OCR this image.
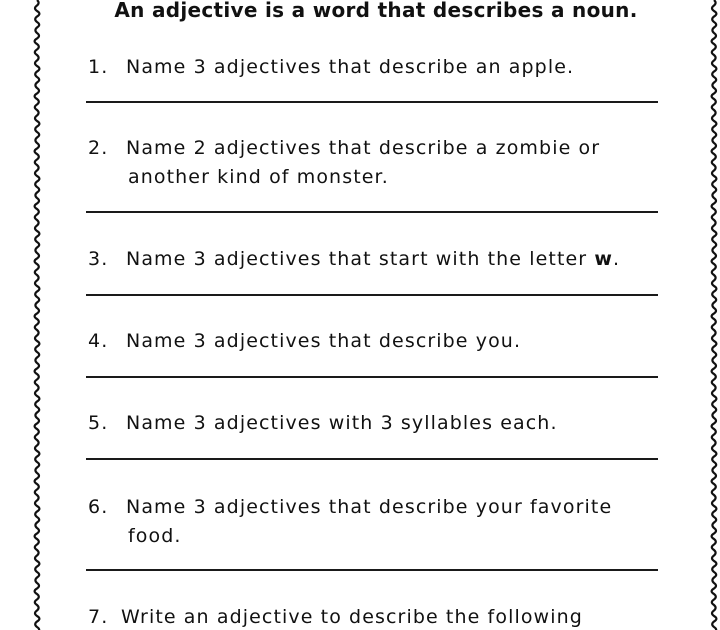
An adjective is a word that describes a noun.
1. Name 3 adjectives that describe an apple.
2. Name 2 adjectives that describe a zombie or
another kind of monster.
3. Name 3 adjectives that start with the letter w.
4. Name 3 adjectives that describe you.
5. Name 3 adjectives with 3 syllables each.
6. Name 3 adjectives that describe your favorite
food.
7. Write an adjective to describe the following
